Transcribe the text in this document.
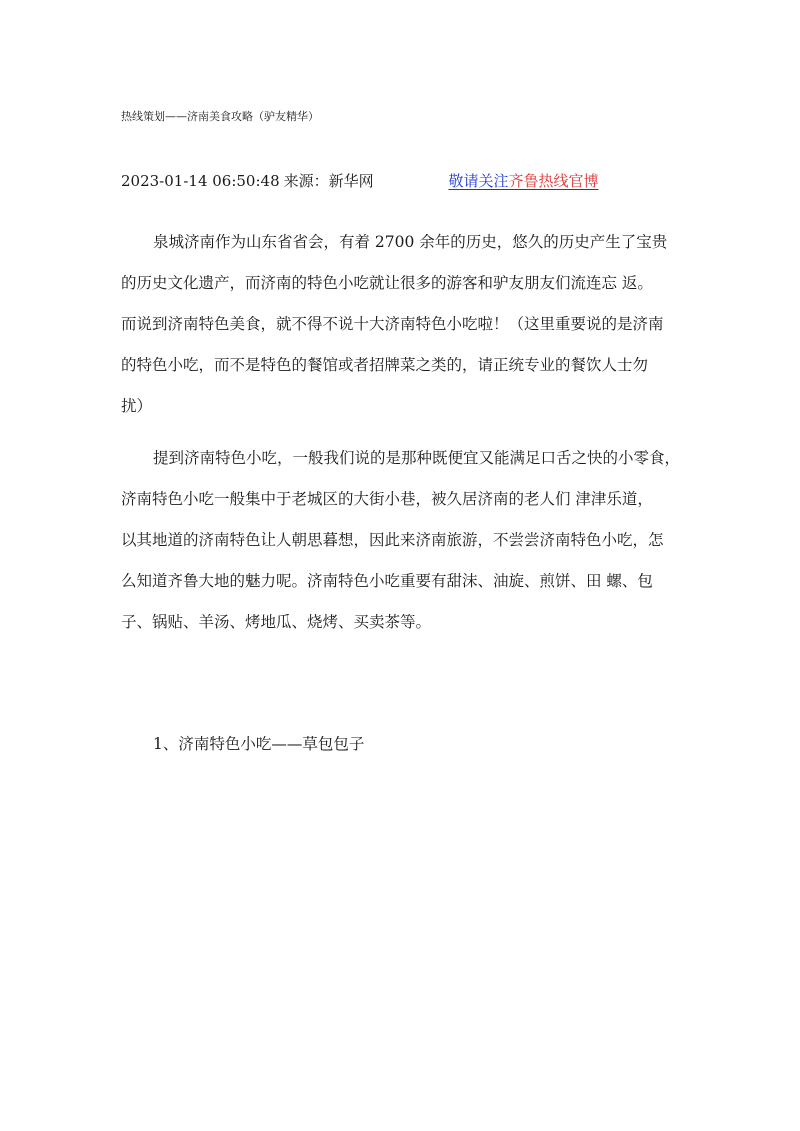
热线策划——济南美食攻略（驴友精华）
2023-01-14 06:50:48 来源：新华网	敬请关注齐鲁热线官博

泉城济南作为山东省省会，有着 2700 余年的历史，悠久的历史产生了宝贵
的历史文化遗产，而济南的特色小吃就让很多的游客和驴友朋友们流连忘 返。
而说到济南特色美食，就不得不说十大济南特色小吃啦！（这里重要说的是济南
的特色小吃，而不是特色的餐馆或者招牌菜之类的，请正统专业的餐饮人士勿
扰）

提到济南特色小吃，一般我们说的是那种既便宜又能满足口舌之快的小零食，
济南特色小吃一般集中于老城区的大街小巷，被久居济南的老人们 津津乐道，
以其地道的济南特色让人朝思暮想，因此来济南旅游，不尝尝济南特色小吃，怎
么知道齐鲁大地的魅力呢。济南特色小吃重要有甜沫、油旋、煎饼、田 螺、包
子、锅贴、羊汤、烤地瓜、烧烤、买卖茶等。

1、济南特色小吃——草包包子
